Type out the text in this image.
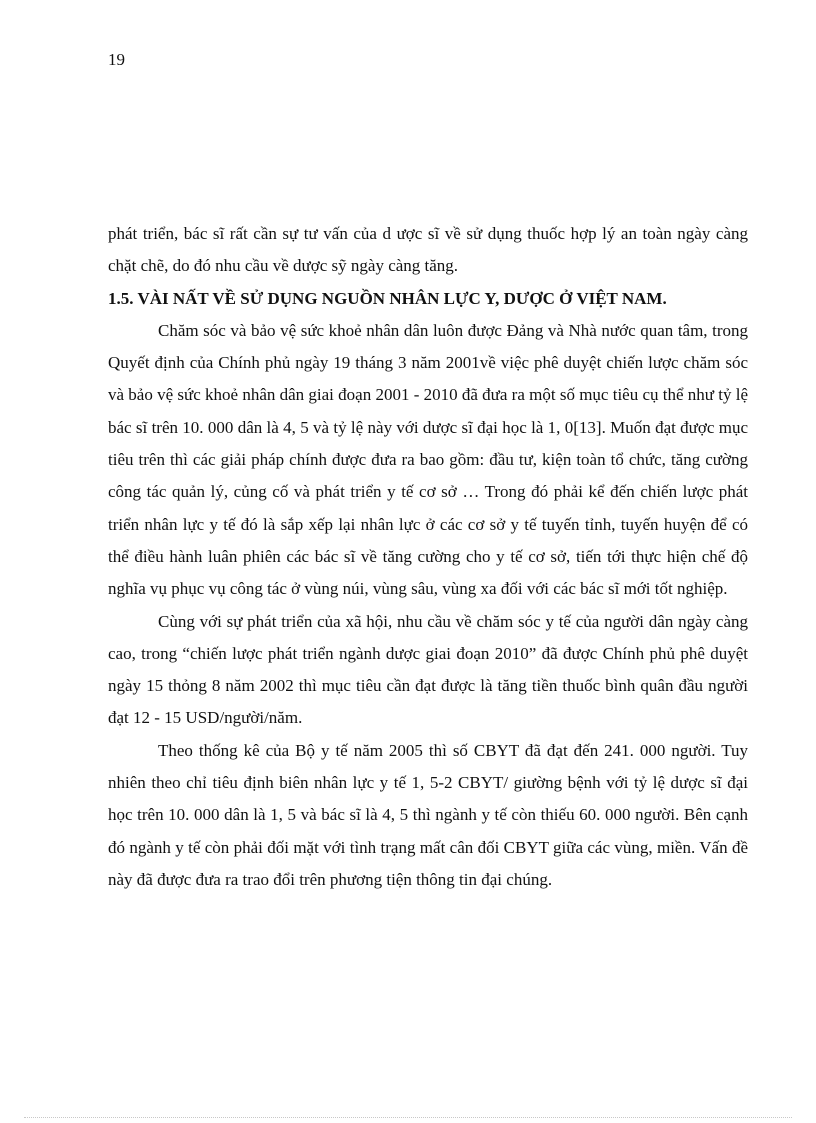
19

phát triển, bác sĩ rất cần sự tư vấn của d ược sĩ về sử dụng thuốc hợp lý an toàn ngày càng chặt chẽ, do đó nhu cầu về dược sỹ ngày càng tăng.

1.5. VÀI NẤT VỀ SỬ DỤNG NGUỒN NHÂN LỰC Y, DƯỢC Ở VIỆT NAM.

Chăm sóc và bảo vệ sức khoẻ nhân dân luôn được Đảng và Nhà nước quan tâm, trong Quyết định của Chính phủ ngày 19 tháng 3 năm 2001về việc phê duyệt chiến lược chăm sóc và bảo vệ sức khoẻ nhân dân giai đoạn 2001 - 2010 đã đưa ra một số mục tiêu cụ thể như tỷ lệ bác sĩ trên 10. 000 dân là 4, 5 và tỷ lệ này với dược sĩ đại học là 1, 0[13]. Muốn đạt được mục tiêu trên thì các giải pháp chính được đưa ra bao gồm: đầu tư, kiện toàn tổ chức, tăng cường công tác quản lý, củng cố và phát triển y tế cơ sở … Trong đó phải kể đến chiến lược phát triển nhân lực y tế đó là sắp xếp lại nhân lực ở các cơ sở y tế tuyến tỉnh, tuyến huyện để có thể điều hành luân phiên các bác sĩ về tăng cường cho y tế cơ sở, tiến tới thực hiện chế độ nghĩa vụ phục vụ công tác ở vùng núi, vùng sâu, vùng xa đối với các bác sĩ mới tốt nghiệp.

Cùng với sự phát triển của xã hội, nhu cầu về chăm sóc y tế của người dân ngày càng cao, trong “chiến lược phát triển ngành dược giai đoạn 2010” đã được Chính phủ phê duyệt ngày 15 thỏng 8 năm 2002 thì mục tiêu cần đạt được là tăng tiền thuốc bình quân đầu người đạt 12 - 15 USD/người/năm.

Theo thống kê của Bộ y tế năm 2005 thì số CBYT đã đạt đến 241. 000 người. Tuy nhiên theo chỉ tiêu định biên nhân lực y tế 1, 5-2 CBYT/ giường bệnh với tỷ lệ dược sĩ đại học trên 10. 000 dân là 1, 5 và bác sĩ là 4, 5 thì ngành y tế còn thiếu 60. 000 người. Bên cạnh đó ngành y tế còn phải đối mặt với tình trạng mất cân đối CBYT giữa các vùng, miền. Vấn đề này đã được đưa ra trao đổi trên phương tiện thông tin đại chúng.
